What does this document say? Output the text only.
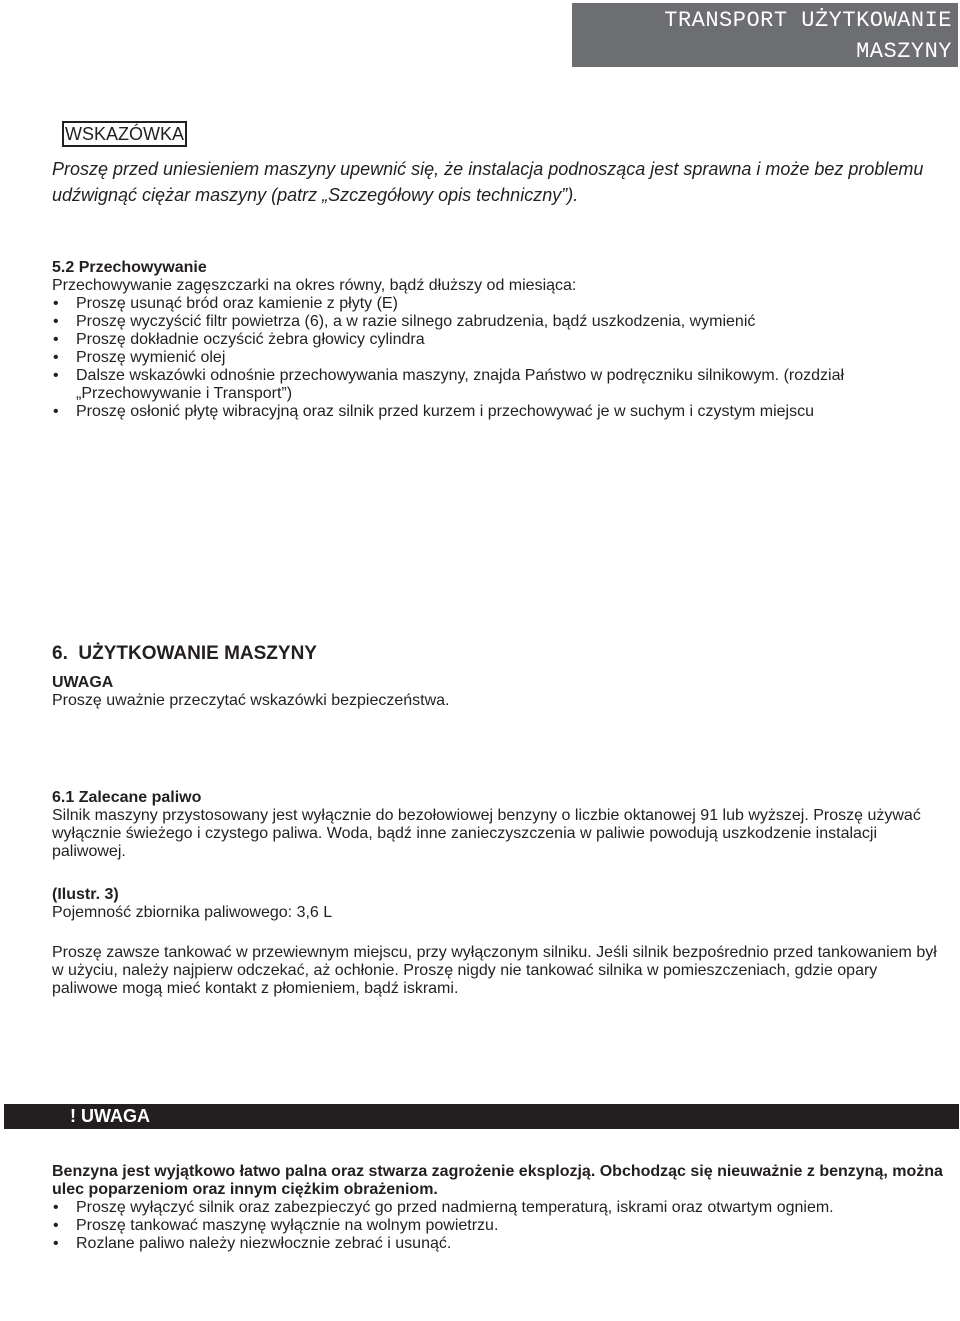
TRANSPORT UŻYTKOWANIE
MASZYNY
WSKAZÓWKA
Proszę przed uniesieniem maszyny upewnić się, że instalacja podnosząca jest sprawna i może bez problemu udźwignąć ciężar maszyny (patrz „Szczegółowy opis techniczny”).
5.2 Przechowywanie
Przechowywanie zagęszczarki na okres równy, bądź dłuższy od miesiąca:
• Proszę usunąć bród oraz kamienie z płyty (E)
• Proszę wyczyścić filtr powietrza (6), a w razie silnego zabrudzenia, bądź uszkodzenia, wymienić
• Proszę dokładnie oczyścić żebra głowicy cylindra
• Proszę wymienić olej
• Dalsze wskazówki odnośnie przechowywania maszyny, znajda Państwo w podręczniku silnikowym. (rozdział „Przechowywanie i Transport”)
• Proszę osłonić płytę wibracyjną oraz silnik przed kurzem i przechowywać je w suchym i czystym miejscu
6.  UŻYTKOWANIE MASZYNY
UWAGA
Proszę uważnie przeczytać wskazówki bezpieczeństwa.
6.1 Zalecane paliwo
Silnik maszyny przystosowany jest wyłącznie do bezołowiowej benzyny o liczbie oktanowej 91 lub wyższej. Proszę używać wyłącznie świeżego i czystego paliwa. Woda, bądź inne zanieczyszczenia w paliwie powodują uszkodzenie instalacji paliwowej.
(Ilustr. 3)
Pojemność zbiornika paliwowego: 3,6 L
Proszę zawsze tankować w przewiewnym miejscu, przy wyłączonym silniku. Jeśli silnik bezpośrednio przed tankowaniem był w użyciu, należy najpierw odczekać, aż ochłonie. Proszę nigdy nie tankować silnika w pomieszczeniach, gdzie opary paliwowe mogą mieć kontakt z płomieniem, bądź iskrami.
! UWAGA
Benzyna jest wyjątkowo łatwo palna oraz stwarza zagrożenie eksplozją. Obchodząc się nieuważnie z benzyną, można ulec poparzeniom oraz innym ciężkim obrażeniom.
• Proszę wyłączyć silnik oraz zabezpieczyć go przed nadmierną temperaturą, iskrami oraz otwartym ogniem.
• Proszę tankować maszynę wyłącznie na wolnym powietrzu.
• Rozlane paliwo należy niezwłocznie zebrać i usunąć.
